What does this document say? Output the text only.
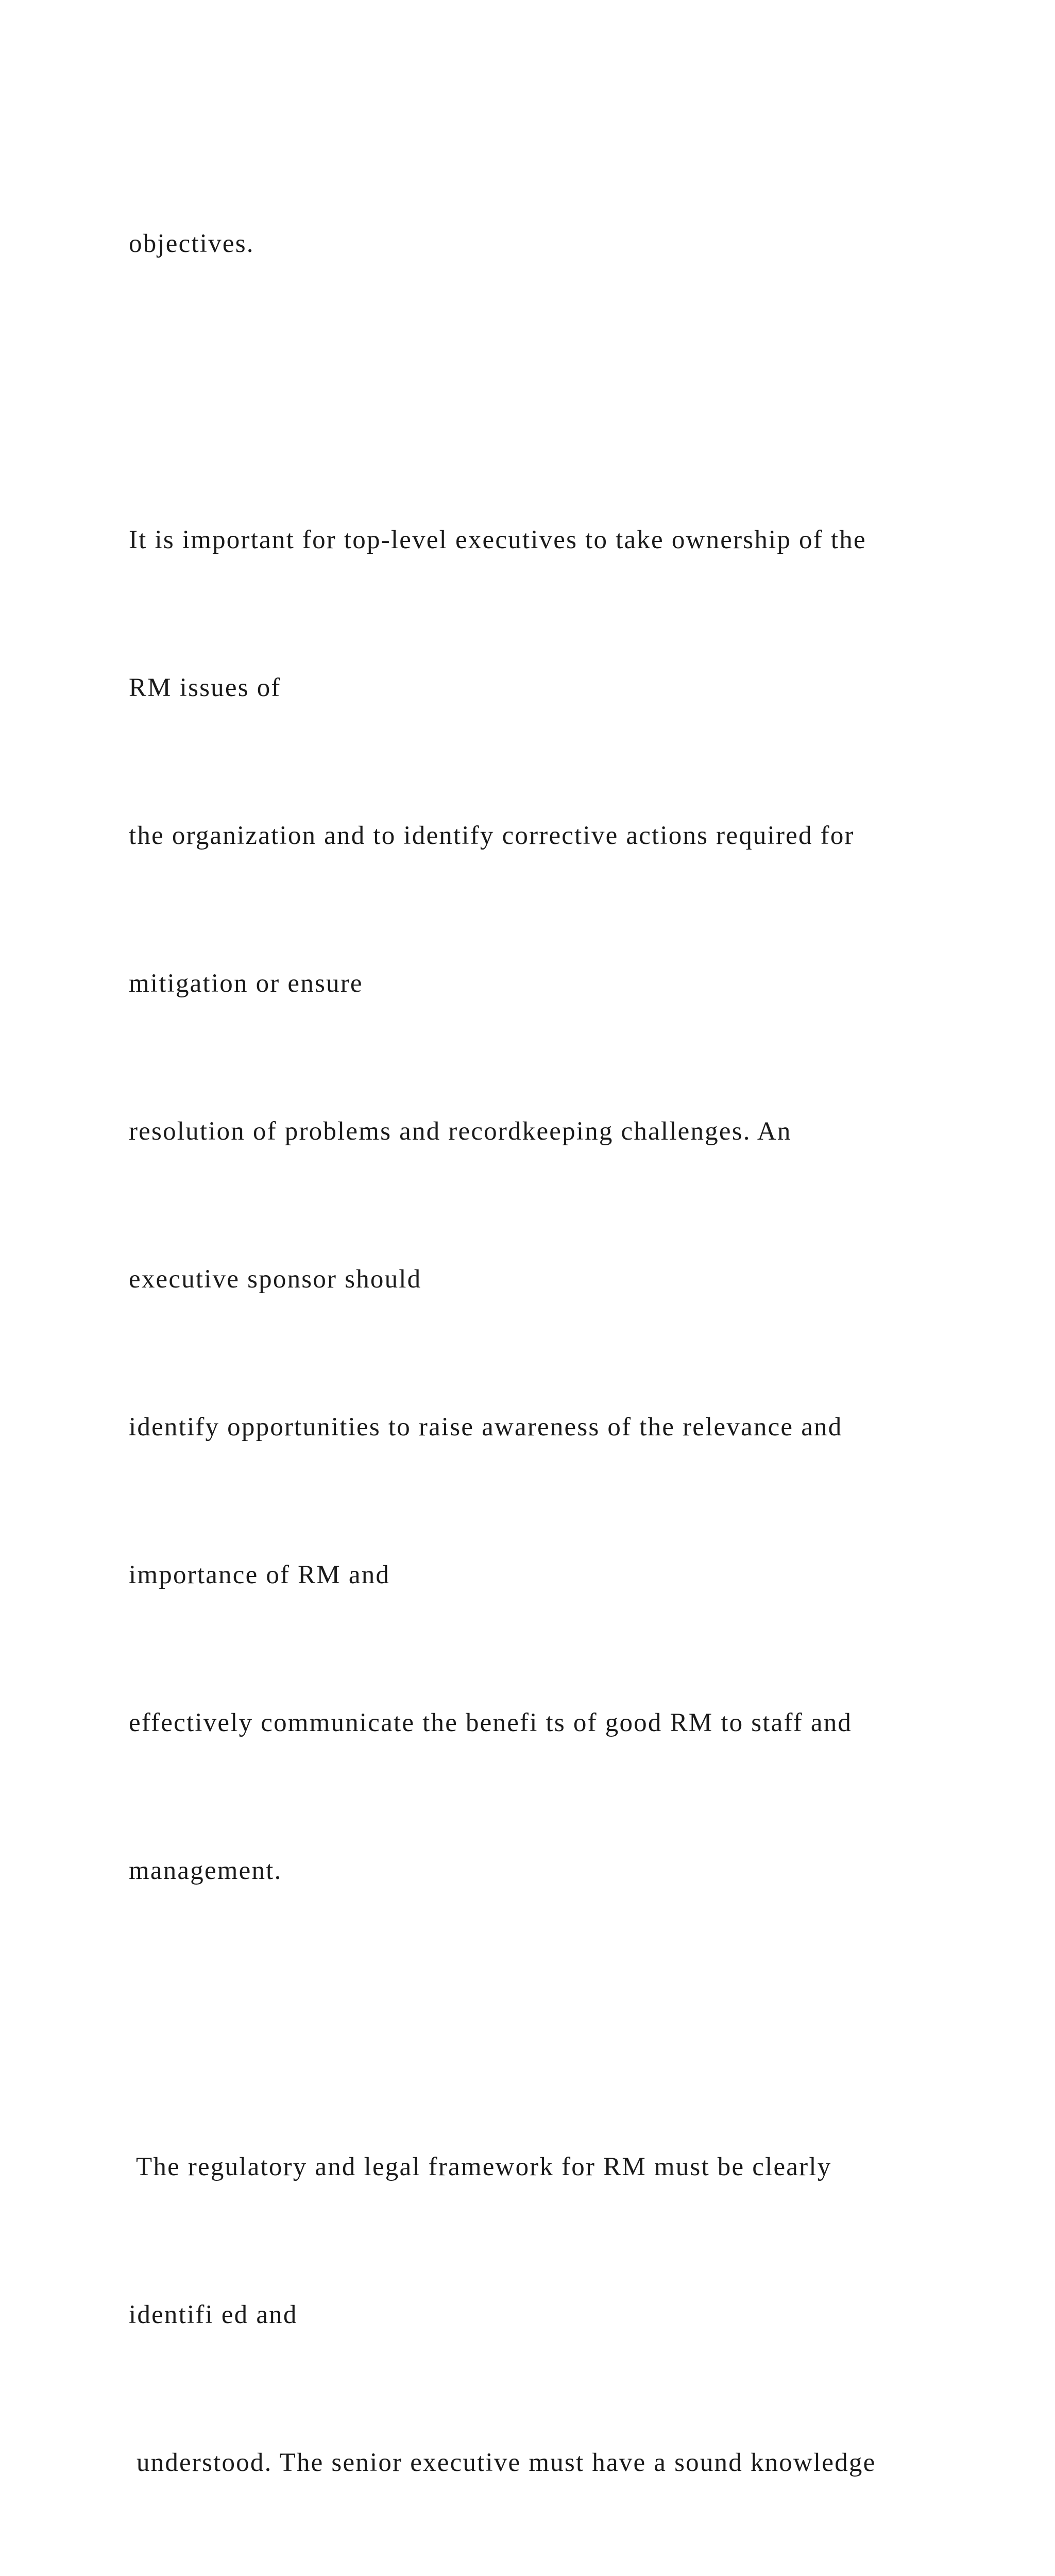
objectives.

It is important for top-level executives to take ownership of the

RM issues of

the organization and to identify corrective actions required for

mitigation or ensure

resolution of problems and recordkeeping challenges. An

executive sponsor should

identify opportunities to raise awareness of the relevance and

importance of RM and

effectively communicate the benefi ts of good RM to staff and

management.

The regulatory and legal framework for RM must be clearly

identifi ed and

understood. The senior executive must have a sound knowledge
